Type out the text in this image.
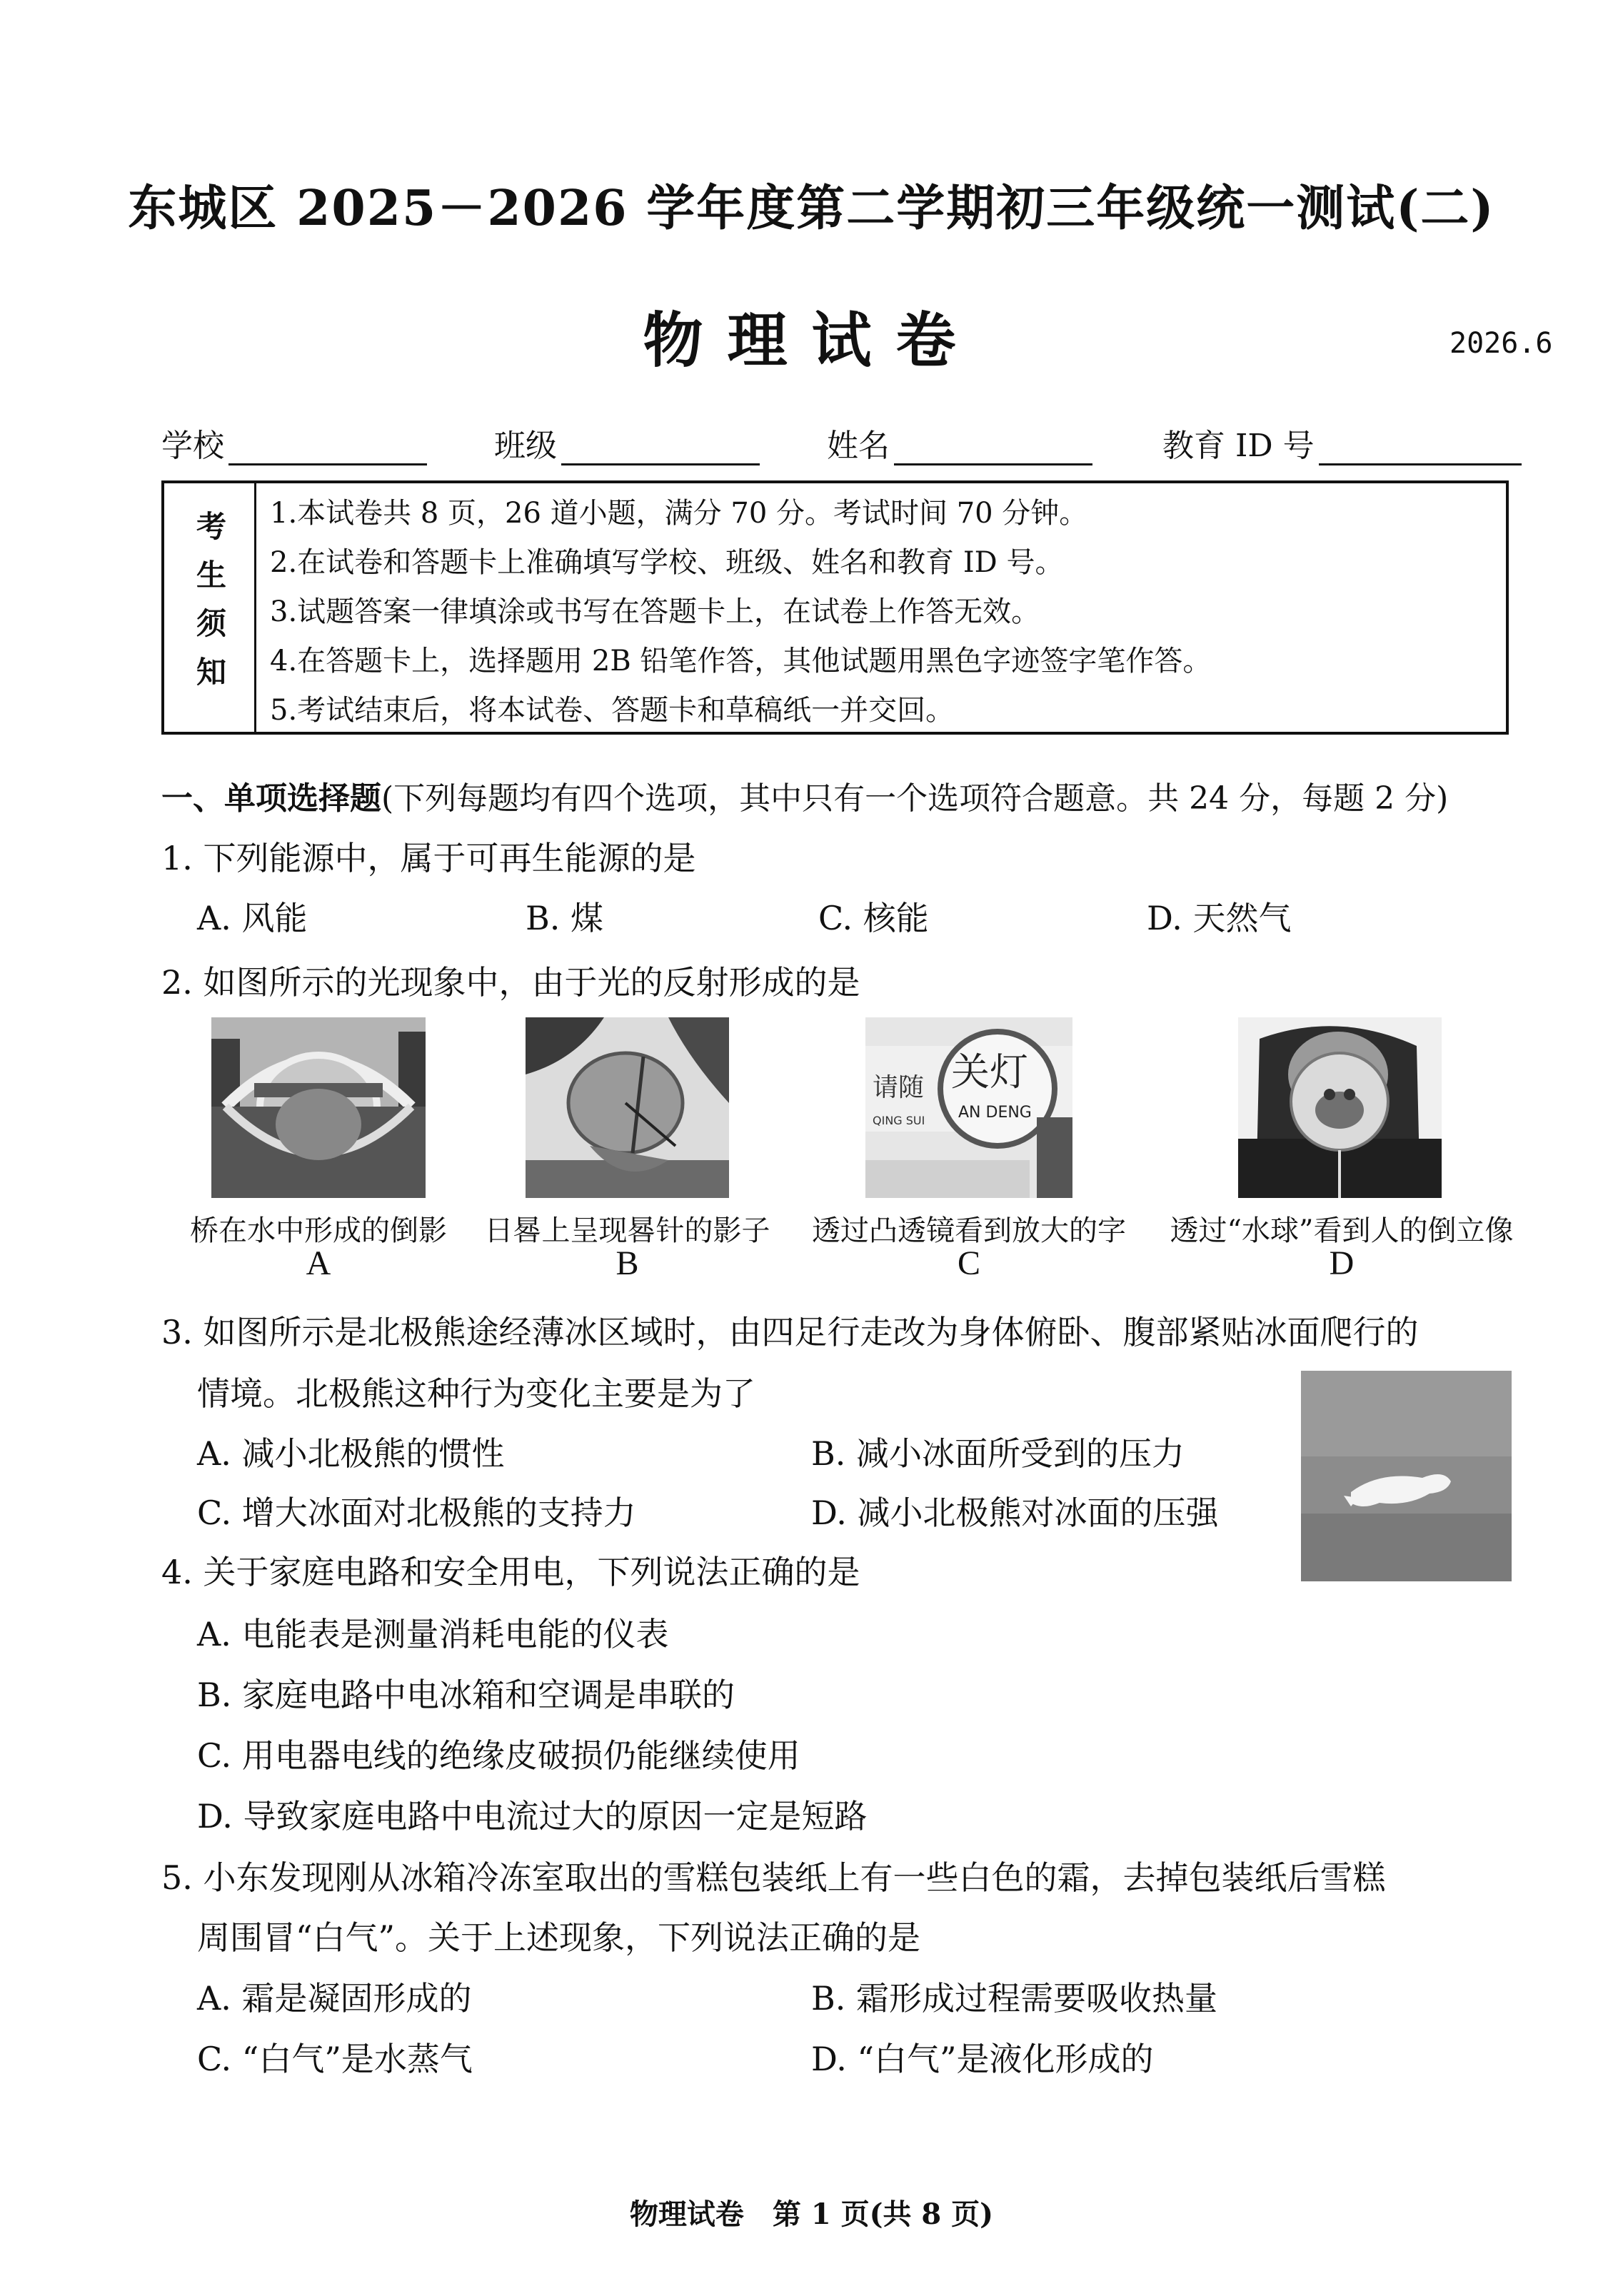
东城区 2025－2026 学年度第二学期初三年级统一测试(二)
物理试卷	2026.6
学校	班级	姓名	教育 ID 号
考生须知 1.本试卷共 8 页，26 道小题，满分 70 分。考试时间 70 分钟。
2.在试卷和答题卡上准确填写学校、班级、姓名和教育 ID 号。
3.试题答案一律填涂或书写在答题卡上，在试卷上作答无效。
4.在答题卡上，选择题用 2B 铅笔作答，其他试题用黑色字迹签字笔作答。
5.考试结束后，将本试卷、答题卡和草稿纸一并交回。
一、单项选择题(下列每题均有四个选项，其中只有一个选项符合题意。共 24 分，每题 2 分)
1. 下列能源中，属于可再生能源的是
A. 风能	B. 煤	C. 核能	D. 天然气
2. 如图所示的光现象中，由于光的反射形成的是
桥在水中形成的倒影
A
日晷上呈现晷针的影子
B
请随
QING SUI
关灯
AN DENG
透过凸透镜看到放大的字
C
透过“水球”看到人的倒立像
D
3. 如图所示是北极熊途经薄冰区域时，由四足行走改为身体俯卧、腹部紧贴冰面爬行的
情境。北极熊这种行为变化主要是为了
A. 减小北极熊的惯性	B. 减小冰面所受到的压力
C. 增大冰面对北极熊的支持力	D. 减小北极熊对冰面的压强
4. 关于家庭电路和安全用电，下列说法正确的是
A. 电能表是测量消耗电能的仪表
B. 家庭电路中电冰箱和空调是串联的
C. 用电器电线的绝缘皮破损仍能继续使用
D. 导致家庭电路中电流过大的原因一定是短路
5. 小东发现刚从冰箱冷冻室取出的雪糕包装纸上有一些白色的霜，去掉包装纸后雪糕
周围冒“白气”。关于上述现象，下列说法正确的是
A. 霜是凝固形成的	B. 霜形成过程需要吸收热量
C. “白气”是水蒸气	D. “白气”是液化形成的
物理试卷　第 1 页(共 8 页)
